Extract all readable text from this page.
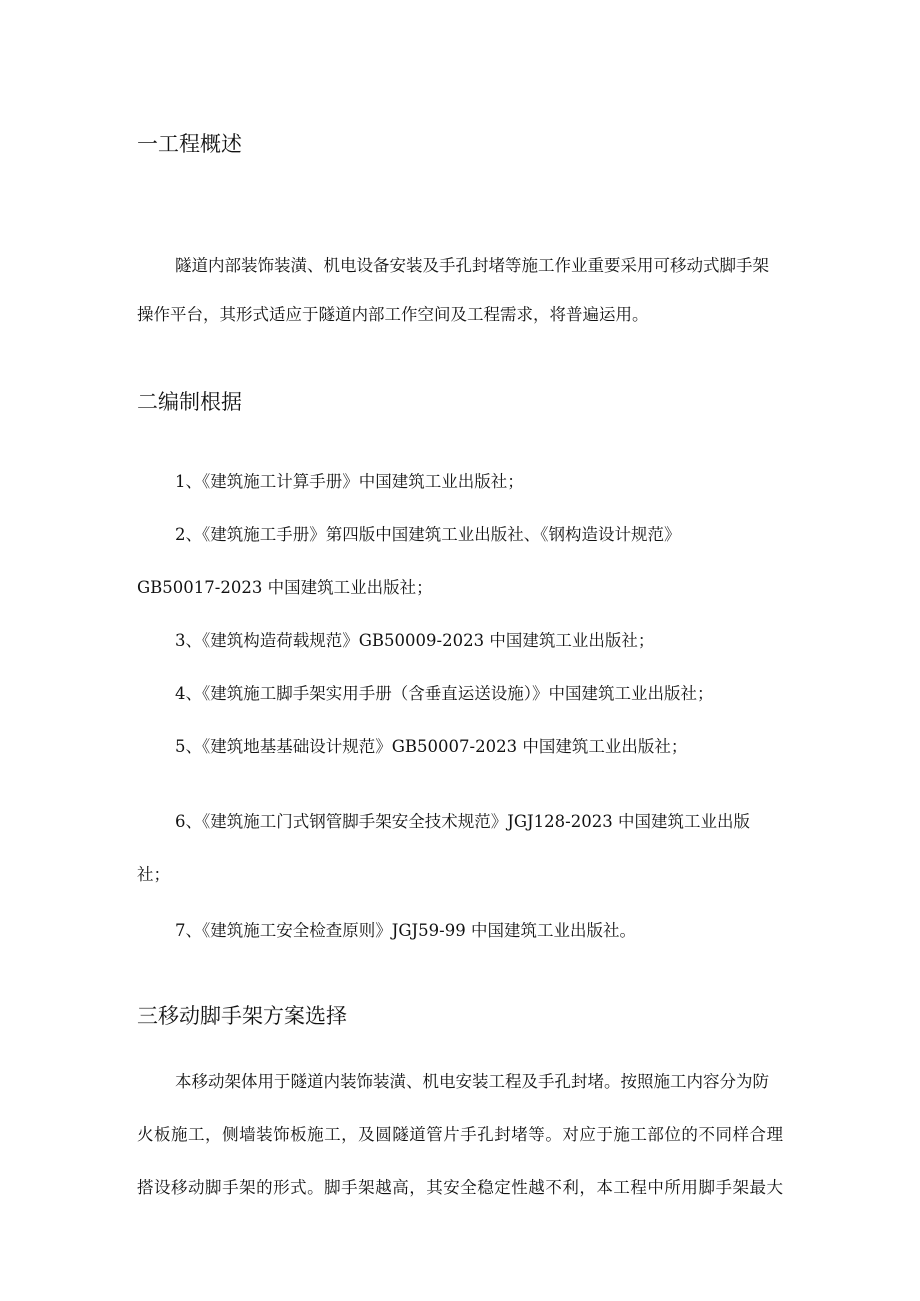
一工程概述

隧道内部装饰装潢、机电设备安装及手孔封堵等施工作业重要采用可移动式脚手架

操作平台，其形式适应于隧道内部工作空间及工程需求，将普遍运用。

二编制根据

1、《建筑施工计算手册》中国建筑工业出版社；

2、《建筑施工手册》第四版中国建筑工业出版社、《钢构造设计规范》

GB50017-2023 中国建筑工业出版社；

3、《建筑构造荷载规范》GB50009-2023 中国建筑工业出版社；

4、《建筑施工脚手架实用手册（含垂直运送设施）》中国建筑工业出版社；

5、《建筑地基基础设计规范》GB50007-2023 中国建筑工业出版社；

6、《建筑施工门式钢管脚手架安全技术规范》JGJ128-2023 中国建筑工业出版

社；

7、《建筑施工安全检查原则》JGJ59-99 中国建筑工业出版社。

三移动脚手架方案选择

本移动架体用于隧道内装饰装潢、机电安装工程及手孔封堵。按照施工内容分为防

火板施工，侧墙装饰板施工，及圆隧道管片手孔封堵等。对应于施工部位的不同样合理

搭设移动脚手架的形式。脚手架越高，其安全稳定性越不利，本工程中所用脚手架最大
